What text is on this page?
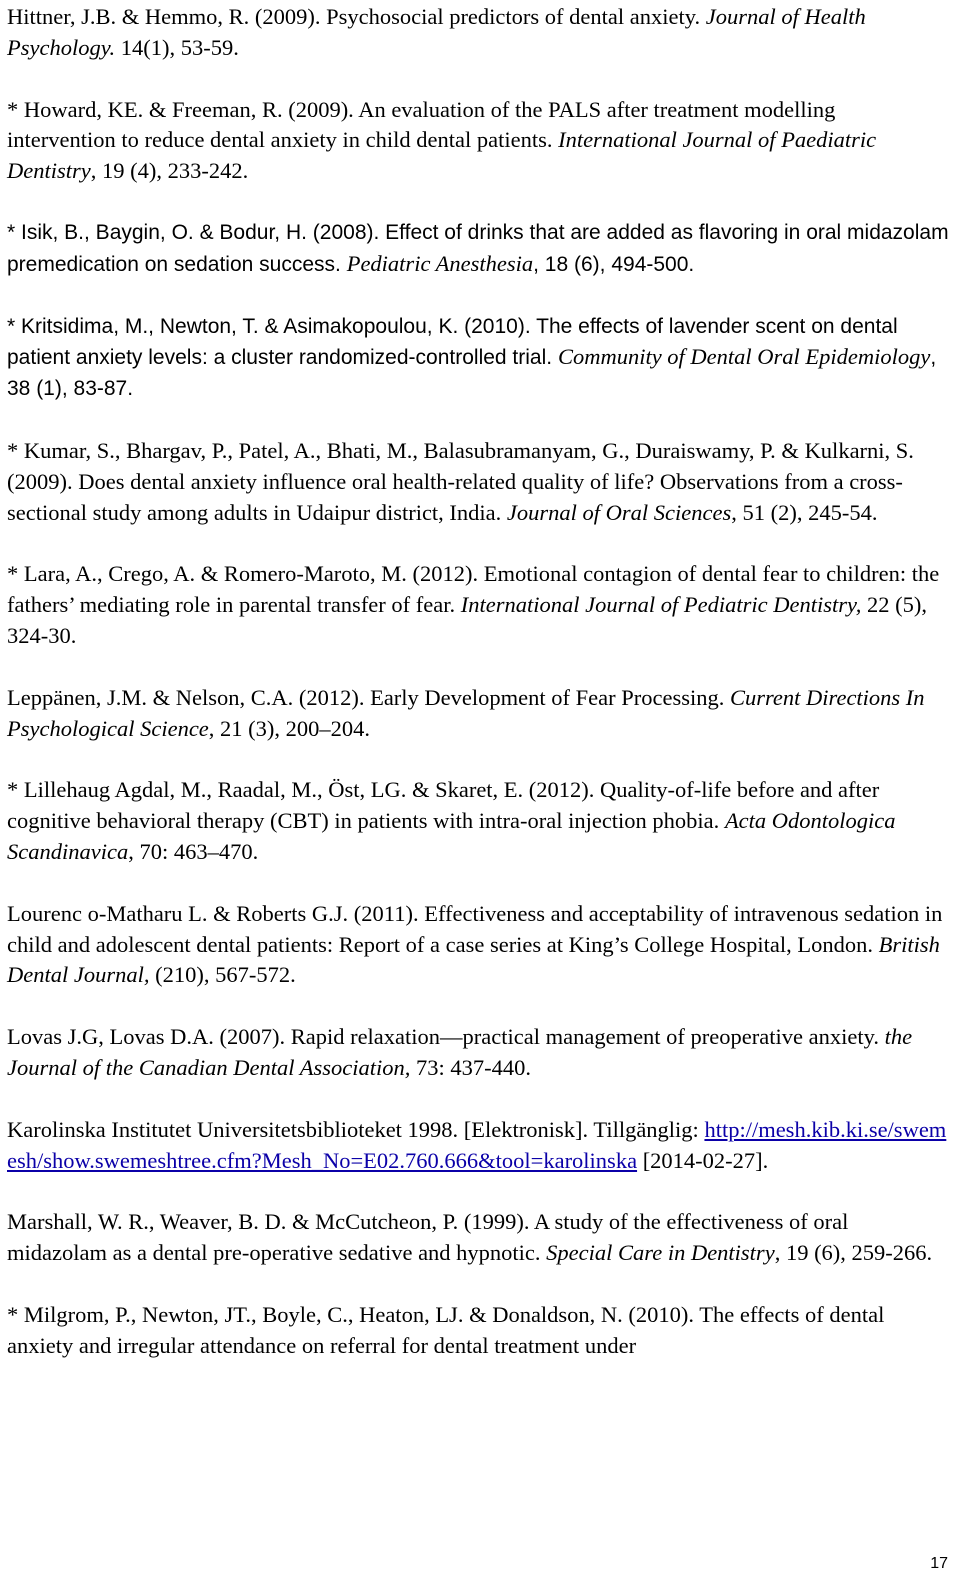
Hittner, J.B. & Hemmo, R. (2009). Psychosocial predictors of dental anxiety. Journal of Health Psychology. 14(1), 53-59.

* Howard, KE. & Freeman, R. (2009). An evaluation of the PALS after treatment modelling intervention to reduce dental anxiety in child dental patients. International Journal of Paediatric Dentistry, 19 (4), 233-242.

* Isik, B., Baygin, O. & Bodur, H. (2008). Effect of drinks that are added as flavoring in oral midazolam premedication on sedation success. Pediatric Anesthesia, 18 (6), 494-500.

* Kritsidima, M., Newton, T. & Asimakopoulou, K. (2010). The effects of lavender scent on dental patient anxiety levels: a cluster randomized-controlled trial. Community of Dental Oral Epidemiology, 38 (1), 83-87.

* Kumar, S., Bhargav, P., Patel, A., Bhati, M., Balasubramanyam, G., Duraiswamy, P. & Kulkarni, S. (2009). Does dental anxiety influence oral health-related quality of life? Observations from a cross-sectional study among adults in Udaipur district, India. Journal of Oral Sciences, 51 (2), 245-54.

* Lara, A., Crego, A. & Romero-Maroto, M. (2012). Emotional contagion of dental fear to children: the fathers’ mediating role in parental transfer of fear. International Journal of Pediatric Dentistry, 22 (5), 324-30.

Leppänen, J.M. & Nelson, C.A. (2012). Early Development of Fear Processing. Current Directions In Psychological Science, 21 (3), 200–204.

* Lillehaug Agdal, M., Raadal, M., Öst, LG. & Skaret, E. (2012). Quality-of-life before and after cognitive behavioral therapy (CBT) in patients with intra-oral injection phobia. Acta Odontologica Scandinavica, 70: 463–470.

Lourenc o-Matharu L. & Roberts G.J. (2011). Effectiveness and acceptability of intravenous sedation in child and adolescent dental patients: Report of a case series at King’s College Hospital, London. British Dental Journal, (210), 567-572.

Lovas J.G, Lovas D.A. (2007). Rapid relaxation—practical management of preoperative anxiety. the Journal of the Canadian Dental Association, 73: 437-440.

Karolinska Institutet Universitetsbiblioteket 1998. [Elektronisk]. Tillgänglig: http://mesh.kib.ki.se/swemesh/show.swemeshtree.cfm?Mesh_No=E02.760.666&tool=karolinska [2014-02-27].

Marshall, W. R., Weaver, B. D. & McCutcheon, P. (1999). A study of the effectiveness of oral midazolam as a dental pre-operative sedative and hypnotic. Special Care in Dentistry, 19 (6), 259-266.

* Milgrom, P., Newton, JT., Boyle, C., Heaton, LJ. & Donaldson, N. (2010). The effects of dental anxiety and irregular attendance on referral for dental treatment under

17
